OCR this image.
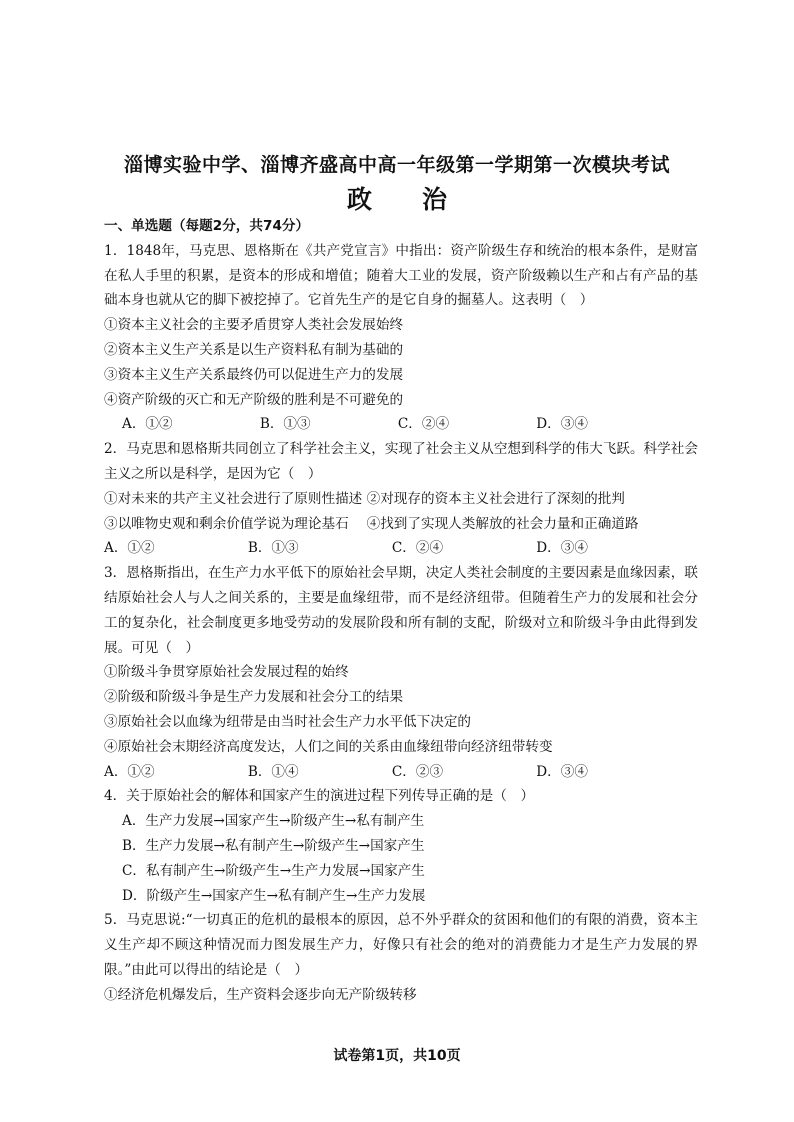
淄博实验中学、淄博齐盛高中高一年级第一学期第一次模块考试
政　　治

一、单选题（每题2分，共74分）

1．1848年，马克思、恩格斯在《共产党宣言》中指出：资产阶级生存和统治的根本条件，是财富在私人手里的积累，是资本的形成和增值；随着大工业的发展，资产阶级赖以生产和占有产品的基础本身也就从它的脚下被挖掉了。它首先生产的是它自身的掘墓人。这表明（　）

①资本主义社会的主要矛盾贯穿人类社会发展始终

②资本主义生产关系是以生产资料私有制为基础的

③资本主义生产关系最终仍可以促进生产力的发展

④资产阶级的灭亡和无产阶级的胜利是不可避免的

A．①②	B．①③	C．②④	D．③④

2．马克思和恩格斯共同创立了科学社会主义，实现了社会主义从空想到科学的伟大飞跃。科学社会主义之所以是科学，是因为它（　）

①对未来的共产主义社会进行了原则性描述 ②对现存的资本主义社会进行了深刻的批判

③以唯物史观和剩余价值学说为理论基石　 ④找到了实现人类解放的社会力量和正确道路

A．①②	B．①③	C．②④	D．③④

3．恩格斯指出，在生产力水平低下的原始社会早期，决定人类社会制度的主要因素是血缘因素，联结原始社会人与人之间关系的，主要是血缘纽带，而不是经济纽带。但随着生产力的发展和社会分工的复杂化，社会制度更多地受劳动的发展阶段和所有制的支配，阶级对立和阶级斗争由此得到发展。可见（　）

①阶级斗争贯穿原始社会发展过程的始终

②阶级和阶级斗争是生产力发展和社会分工的结果

③原始社会以血缘为纽带是由当时社会生产力水平低下决定的

④原始社会末期经济高度发达，人们之间的关系由血缘纽带向经济纽带转变

A．①②	B．①④	C．②③	D．③④

4．关于原始社会的解体和国家产生的演进过程下列传导正确的是（　）

A．生产力发展→国家产生→阶级产生→私有制产生

B．生产力发展→私有制产生→阶级产生→国家产生

C．私有制产生→阶级产生→生产力发展→国家产生

D．阶级产生→国家产生→私有制产生→生产力发展

5．马克思说:“一切真正的危机的最根本的原因，总不外乎群众的贫困和他们的有限的消费，资本主义生产却不顾这种情况而力图发展生产力，好像只有社会的绝对的消费能力才是生产力发展的界限。”由此可以得出的结论是（　）

①经济危机爆发后，生产资料会逐步向无产阶级转移

试卷第1页，共10页
